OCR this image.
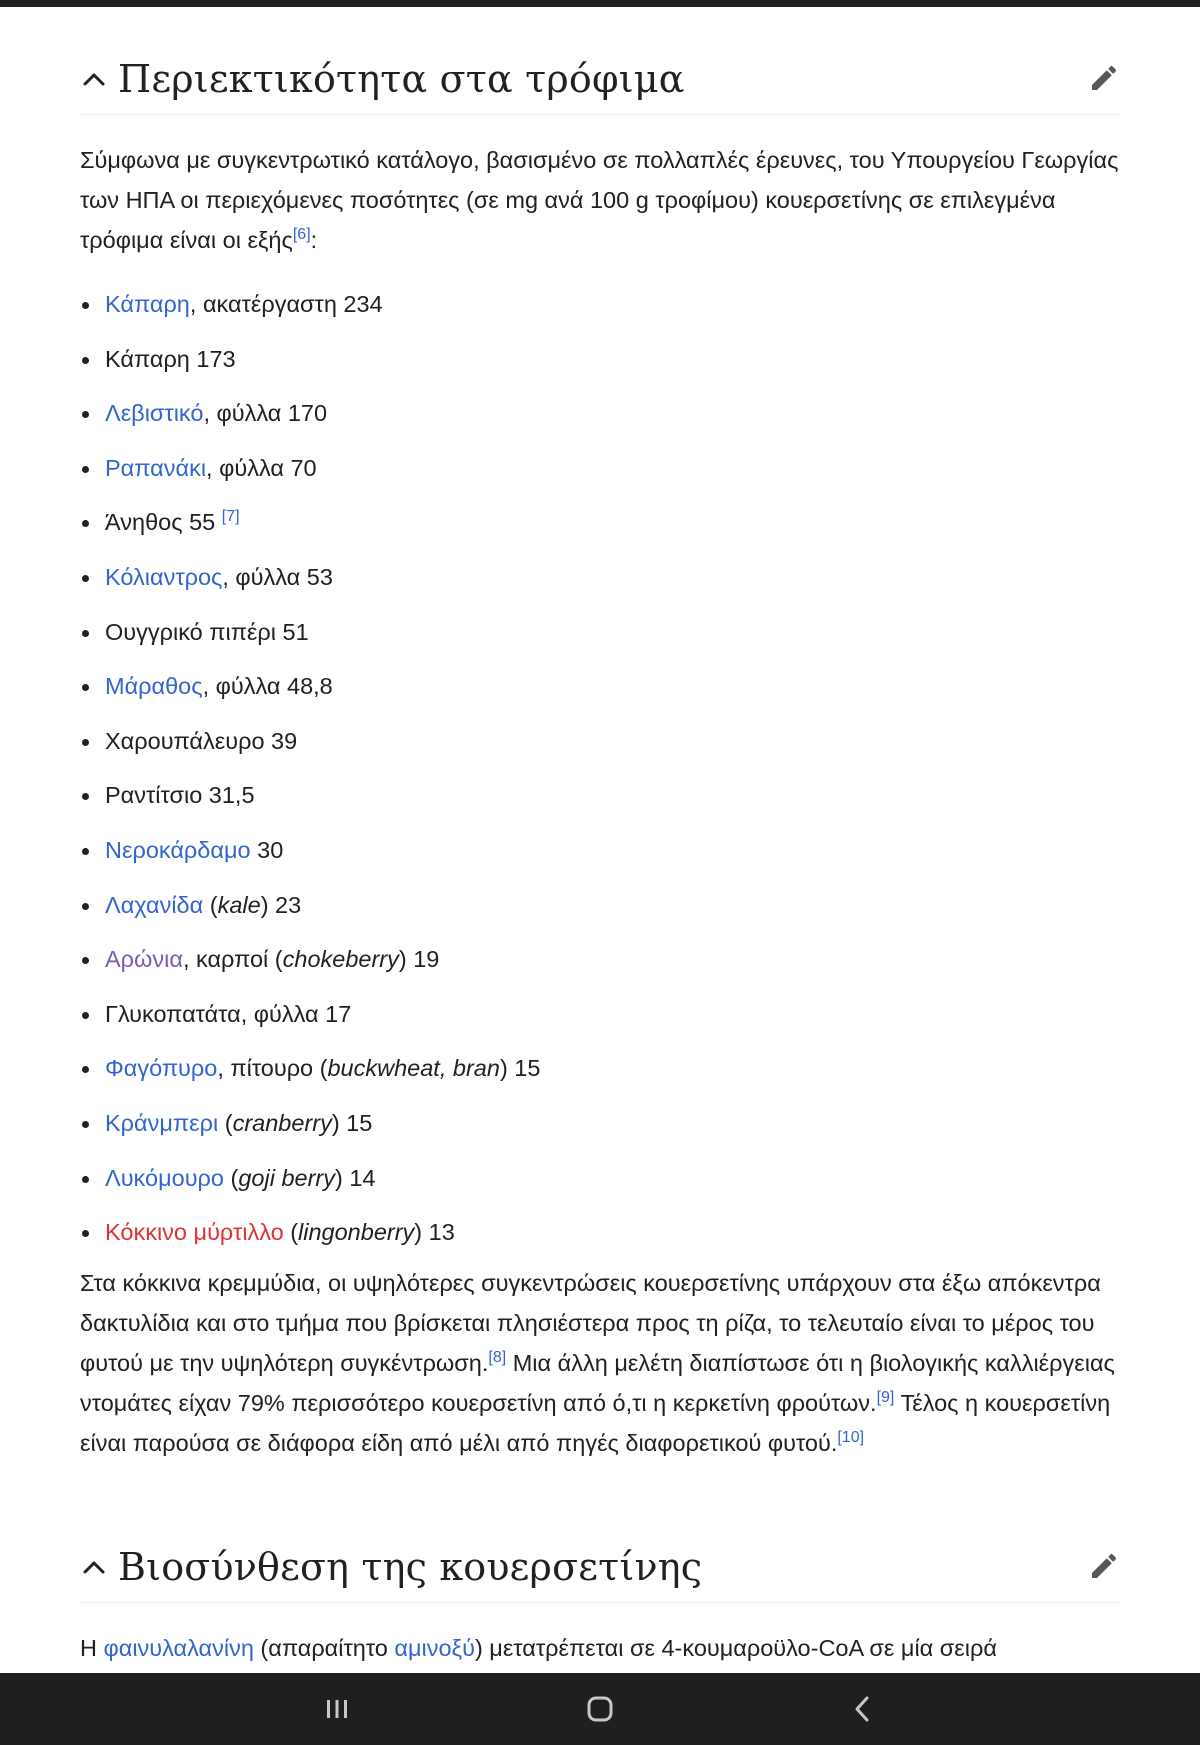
Περιεκτικότητα στα τρόφιμα

Σύμφωνα με συγκεντρωτικό κατάλογο, βασισμένο σε πολλαπλές έρευνες, του Υπουργείου Γεωργίας των ΗΠΑ οι περιεχόμενες ποσότητες (σε mg ανά 100 g τροφίμου) κουερσετίνης σε επιλεγμένα τρόφιμα είναι οι εξής[6]:

Κάπαρη, ακατέργαστη 234
Κάπαρη 173
Λεβιστικό, φύλλα 170
Ραπανάκι, φύλλα 70
Άνηθος 55 [7]
Κόλιαντρος, φύλλα 53
Ουγγρικό πιπέρι 51
Μάραθος, φύλλα 48,8
Χαρουπάλευρο 39
Ραντίτσιο 31,5
Νεροκάρδαμο 30
Λαχανίδα (kale) 23
Αρώνια, καρποί (chokeberry) 19
Γλυκοπατάτα, φύλλα 17
Φαγόπυρο, πίτουρο (buckwheat, bran) 15
Κράνμπερι (cranberry) 15
Λυκόμουρο (goji berry) 14
Κόκκινο μύρτιλλο (lingonberry) 13

Στα κόκκινα κρεμμύδια, οι υψηλότερες συγκεντρώσεις κουερσετίνης υπάρχουν στα έξω απόκεντρα δακτυλίδια και στο τμήμα που βρίσκεται πλησιέστερα προς τη ρίζα, το τελευταίο είναι το μέρος του φυτού με την υψηλότερη συγκέντρωση.[8] Μια άλλη μελέτη διαπίστωσε ότι η βιολογικής καλλιέργειας ντομάτες είχαν 79% περισσότερο κουερσετίνη από ό,τι η κερκετίνη φρούτων.[9] Τέλος η κουερσετίνη είναι παρούσα σε διάφορα είδη από μέλι από πηγές διαφορετικού φυτού.[10]

Βιοσύνθεση της κουερσετίνης

Η φαινυλαλανίνη (απαραίτητο αμινοξύ) μετατρέπεται σε 4-κουμαροϋλο-CoA σε μία σειρά
